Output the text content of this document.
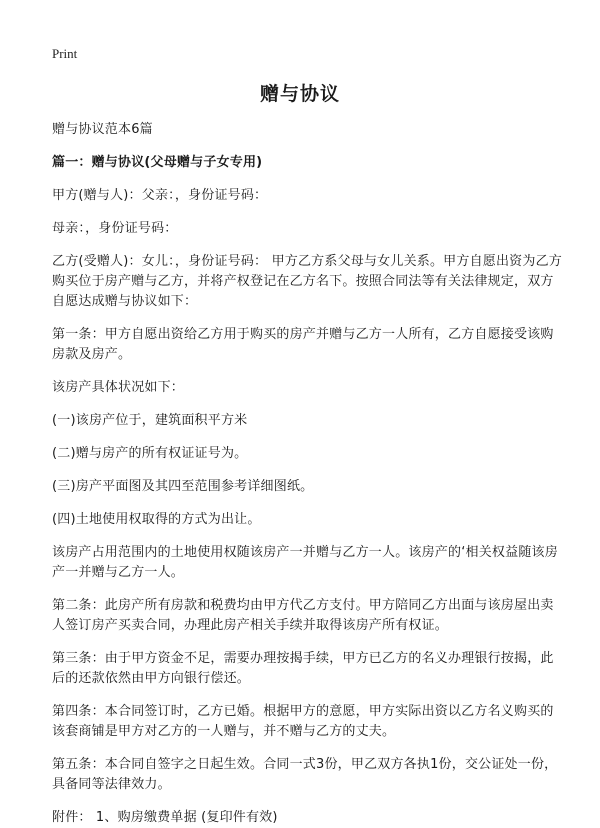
Print
赠与协议

赠与协议范本6篇

篇一：赠与协议(父母赠与子女专用)

甲方(赠与人)：父亲：，身份证号码：

母亲：，身份证号码：

乙方(受赠人)：女儿：，身份证号码： 甲方乙方系父母与女儿关系。甲方自愿出资为乙方购买位于房产赠与乙方，并将产权登记在乙方名下。按照合同法等有关法律规定，双方自愿达成赠与协议如下：

第一条：甲方自愿出资给乙方用于购买的房产并赠与乙方一人所有，乙方自愿接受该购房款及房产。

该房产具体状况如下：

(一)该房产位于，建筑面积平方米

(二)赠与房产的所有权证证号为。

(三)房产平面图及其四至范围参考详细图纸。

(四)土地使用权取得的方式为出让。

该房产占用范围内的土地使用权随该房产一并赠与乙方一人。该房产的‘相关权益随该房产一并赠与乙方一人。

第二条：此房产所有房款和税费均由甲方代乙方支付。甲方陪同乙方出面与该房屋出卖人签订房产买卖合同，办理此房产相关手续并取得该房产所有权证。

第三条：由于甲方资金不足，需要办理按揭手续，甲方已乙方的名义办理银行按揭，此后的还款依然由甲方向银行偿还。

第四条：本合同签订时，乙方已婚。根据甲方的意愿，甲方实际出资以乙方名义购买的该套商铺是甲方对乙方的一人赠与，并不赠与乙方的丈夫。

第五条：本合同自签字之日起生效。合同一式3份，甲乙双方各执1份，交公证处一份，具备同等法律效力。

附件： 1、购房缴费单据 (复印件有效)
